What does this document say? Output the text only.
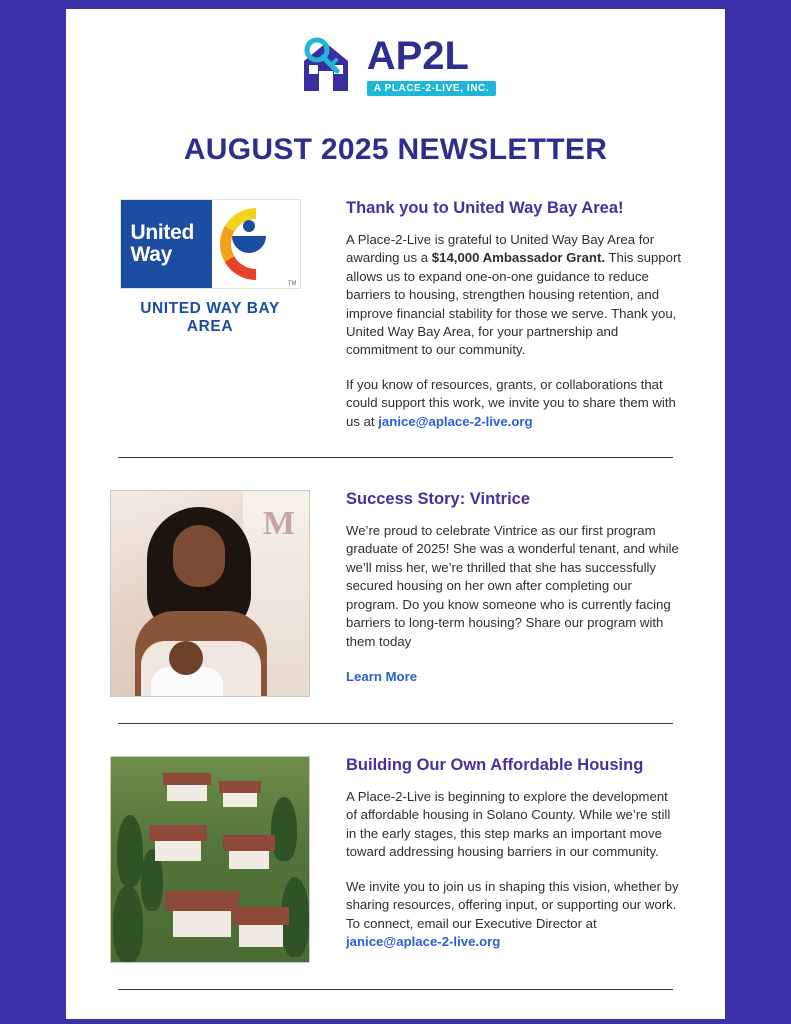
AP2L
A PLACE-2-LIVE, INC.
AUGUST 2025 NEWSLETTER
United
Way
TM
UNITED WAY BAY AREA
Thank you to United Way Bay Area!

A Place-2-Live is grateful to United Way Bay Area for awarding us a $14,000 Ambassador Grant. This support allows us to expand one-on-one guidance to reduce barriers to housing, strengthen housing retention, and improve financial stability for those we serve. Thank you, United Way Bay Area, for your partnership and commitment to our community.

If you know of resources, grants, or collaborations that could support this work, we invite you to share them with us at janice@aplace-2-live.org

M
Success Story: Vintrice

We’re proud to celebrate Vintrice as our first program graduate of 2025! She was a wonderful tenant, and while we’ll miss her, we’re thrilled that she has successfully secured housing on her own after completing our program. Do you know someone who is currently facing barriers to long-term housing? Share our program with them today

Learn More
Building Our Own Affordable Housing

A Place-2-Live is beginning to explore the development of affordable housing in Solano County. While we’re still in the early stages, this step marks an important move toward addressing housing barriers in our community.

We invite you to join us in shaping this vision, whether by sharing resources, offering input, or supporting our work. To connect, email our Executive Director at janice@aplace-2-live.org
